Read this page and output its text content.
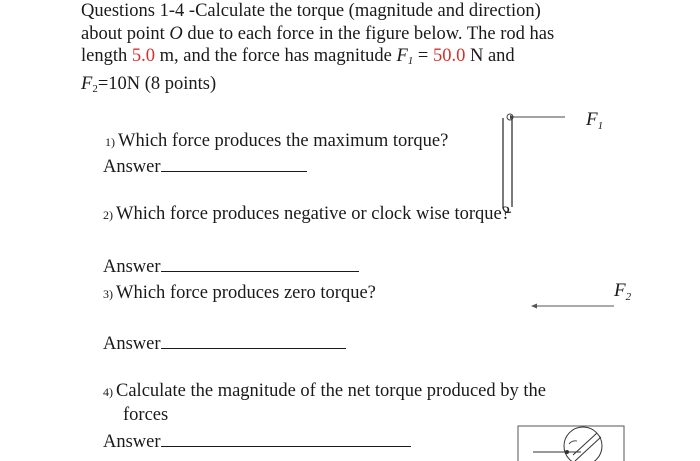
Questions 1-4 -Calculate the torque (magnitude and direction)
about point O due to each force in the figure below. The rod has
length 5.0 m, and the force has magnitude $F_1 = 50.0$ N and
F2=10N (8 points)
$F_1$
$F_2$
1) Which force produces the maximum torque?
Answer
2) Which force produces negative or clock wise torque?
Answer
3) Which force produces zero torque?
Answer
4) Calculate the magnitude of the net torque produced by the
forces
Answer
